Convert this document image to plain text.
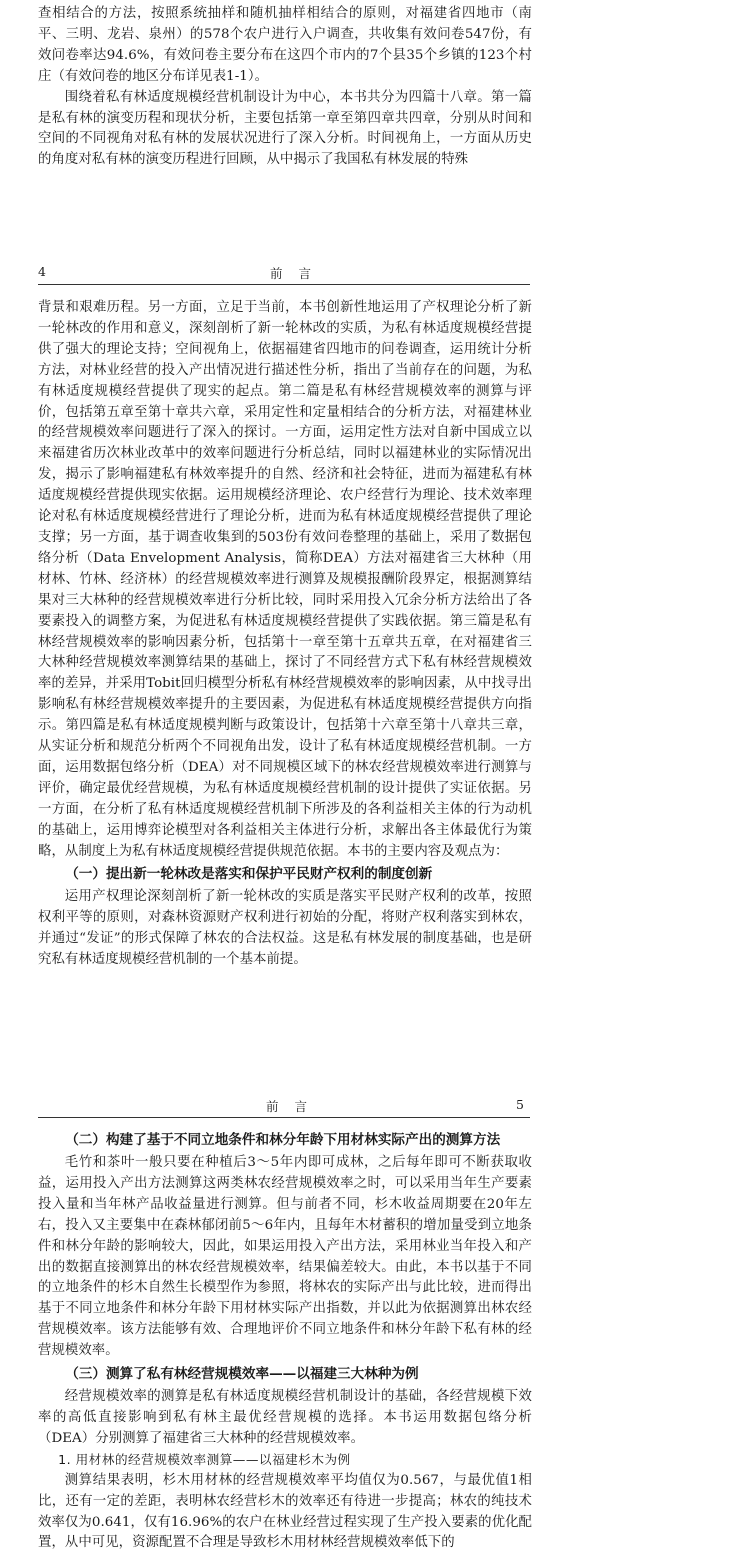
查相结合的方法，按照系统抽样和随机抽样相结合的原则，对福建省四地市（南平、三明、龙岩、泉州）的578个农户进行入户调查，共收集有效问卷547份，有效问卷率达94.6%，有效问卷主要分布在这四个市内的7个县35个乡镇的123个村庄（有效问卷的地区分布详见表1-1）。

围绕着私有林适度规模经营机制设计为中心，本书共分为四篇十八章。第一篇是私有林的演变历程和现状分析，主要包括第一章至第四章共四章，分别从时间和空间的不同视角对私有林的发展状况进行了深入分析。时间视角上，一方面从历史的角度对私有林的演变历程进行回顾，从中揭示了我国私有林发展的特殊

4	前 言

背景和艰难历程。另一方面，立足于当前，本书创新性地运用了产权理论分析了新一轮林改的作用和意义，深刻剖析了新一轮林改的实质，为私有林适度规模经营提供了强大的理论支持；空间视角上，依据福建省四地市的问卷调查，运用统计分析方法，对林业经营的投入产出情况进行描述性分析，指出了当前存在的问题，为私有林适度规模经营提供了现实的起点。第二篇是私有林经营规模效率的测算与评价，包括第五章至第十章共六章，采用定性和定量相结合的分析方法，对福建林业的经营规模效率问题进行了深入的探讨。一方面，运用定性方法对自新中国成立以来福建省历次林业改革中的效率问题进行分析总结，同时以福建林业的实际情况出发，揭示了影响福建私有林效率提升的自然、经济和社会特征，进而为福建私有林适度规模经营提供现实依据。运用规模经济理论、农户经营行为理论、技术效率理论对私有林适度规模经营进行了理论分析，进而为私有林适度规模经营提供了理论支撑；另一方面，基于调查收集到的503份有效问卷整理的基础上，采用了数据包络分析（Data Envelopment Analysis，简称DEA）方法对福建省三大林种（用材林、竹林、经济林）的经营规模效率进行测算及规模报酬阶段界定，根据测算结果对三大林种的经营规模效率进行分析比较，同时采用投入冗余分析方法给出了各要素投入的调整方案，为促进私有林适度规模经营提供了实践依据。第三篇是私有林经营规模效率的影响因素分析，包括第十一章至第十五章共五章，在对福建省三大林种经营规模效率测算结果的基础上，探讨了不同经营方式下私有林经营规模效率的差异，并采用Tobit回归模型分析私有林经营规模效率的影响因素，从中找寻出影响私有林经营规模效率提升的主要因素，为促进私有林适度规模经营提供方向指示。第四篇是私有林适度规模判断与政策设计，包括第十六章至第十八章共三章，从实证分析和规范分析两个不同视角出发，设计了私有林适度规模经营机制。一方面，运用数据包络分析（DEA）对不同规模区域下的林农经营规模效率进行测算与评价，确定最优经营规模，为私有林适度规模经营机制的设计提供了实证依据。另一方面，在分析了私有林适度规模经营机制下所涉及的各利益相关主体的行为动机的基础上，运用博弈论模型对各利益相关主体进行分析，求解出各主体最优行为策略，从制度上为私有林适度规模经营提供规范依据。本书的主要内容及观点为：

（一）提出新一轮林改是落实和保护平民财产权利的制度创新

运用产权理论深刻剖析了新一轮林改的实质是落实平民财产权利的改革，按照权利平等的原则，对森林资源财产权利进行初始的分配，将财产权利落实到林农，并通过“发证”的形式保障了林农的合法权益。这是私有林发展的制度基础，也是研究私有林适度规模经营机制的一个基本前提。

前 言	5

（二）构建了基于不同立地条件和林分年龄下用材林实际产出的测算方法

毛竹和茶叶一般只要在种植后3～5年内即可成林，之后每年即可不断获取收益，运用投入产出方法测算这两类林农经营规模效率之时，可以采用当年生产要素投入量和当年林产品收益量进行测算。但与前者不同，杉木收益周期要在20年左右，投入又主要集中在森林郁闭前5～6年内，且每年木材蓄积的增加量受到立地条件和林分年龄的影响较大，因此，如果运用投入产出方法，采用林业当年投入和产出的数据直接测算出的林农经营规模效率，结果偏差较大。由此，本书以基于不同的立地条件的杉木自然生长模型作为参照，将林农的实际产出与此比较，进而得出基于不同立地条件和林分年龄下用材林实际产出指数，并以此为依据测算出林农经营规模效率。该方法能够有效、合理地评价不同立地条件和林分年龄下私有林的经营规模效率。

（三）测算了私有林经营规模效率——以福建三大林种为例

经营规模效率的测算是私有林适度规模经营机制设计的基础，各经营规模下效率的高低直接影响到私有林主最优经营规模的选择。本书运用数据包络分析（DEA）分别测算了福建省三大林种的经营规模效率。

1. 用材林的经营规模效率测算——以福建杉木为例

测算结果表明，杉木用材林的经营规模效率平均值仅为0.567，与最优值1相比，还有一定的差距，表明林农经营杉木的效率还有待进一步提高；林农的纯技术效率仅为0.641，仅有16.96%的农户在林业经营过程实现了生产投入要素的优化配置，从中可见，资源配置不合理是导致杉木用材林经营规模效率低下的
